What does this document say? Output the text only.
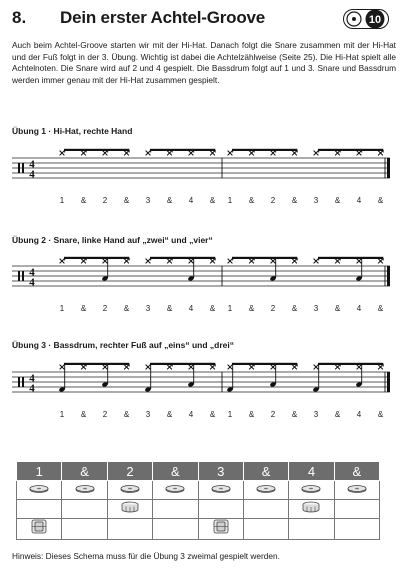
8. Dein erster Achtel-Groove	10

Auch beim Achtel-Groove starten wir mit der Hi-Hat. Danach folgt die Snare zusammen mit der Hi-Hat und der Fuß folgt in der 3. Übung. Wichtig ist dabei die Achtelzählweise (Seite 25). Die Hi-Hat spielt alle Achtelnoten. Die Snare wird auf 2 und 4 gespielt. Die Bassdrum folgt auf 1 und 3. Snare und Bassdrum werden immer genau mit der Hi-Hat zusammen gespielt.

Übung 1 · Hi-Hat, rechte Hand
4
4
1 & 2 & 3 & 4 & 1 & 2 & 3 & 4 &
Übung 2 · Snare, linke Hand auf „zwei“ und „vier“
4
4
1 & 2 & 3 & 4 & 1 & 2 & 3 & 4 &
Übung 3 · Bassdrum, rechter Fuß auf „eins“ und „drei“
4
4
1 & 2 & 3 & 4 & 1 & 2 & 3 & 4 &
1	&	2	&	3	&	4	&

Hinweis: Dieses Schema muss für die Übung 3 zweimal gespielt werden.
